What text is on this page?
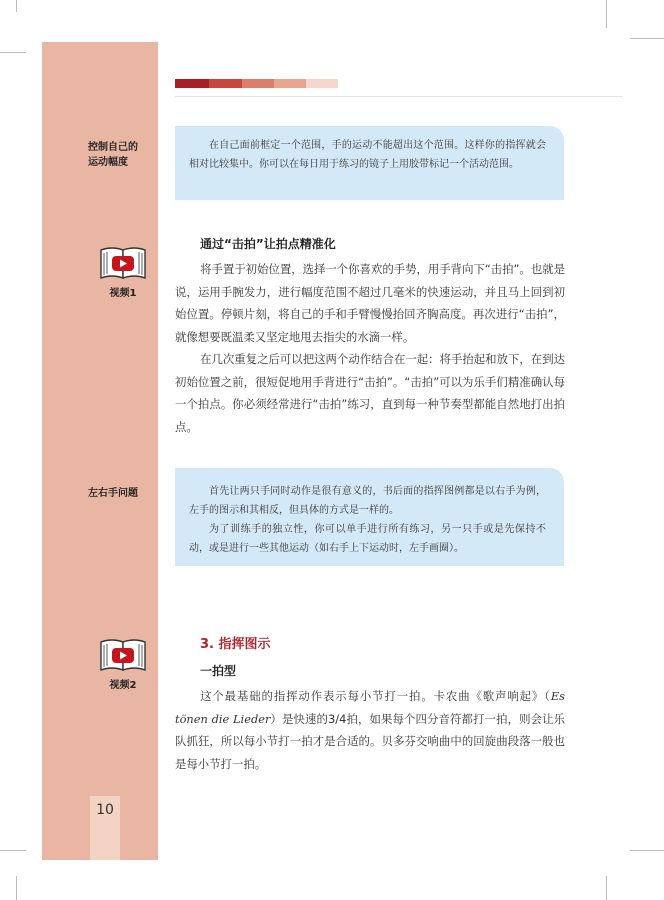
10
控制自己的
运动幅度

在自己面前框定一个范围，手的运动不能超出这个范围。这样你的指挥就会相对比较集中。你可以在每日用于练习的镜子上用胶带标记一个活动范围。

视频1
通过“击拍”让拍点精准化

将手置于初始位置，选择一个你喜欢的手势，用手背向下“击拍”。也就是说，运用手腕发力，进行幅度范围不超过几毫米的快速运动，并且马上回到初始位置。停顿片刻，将自己的手和手臂慢慢抬回齐胸高度。再次进行“击拍”，就像想要既温柔又坚定地甩去指尖的水滴一样。

在几次重复之后可以把这两个动作结合在一起：将手抬起和放下，在到达初始位置之前，很短促地用手背进行“击拍”。“击拍”可以为乐手们精准确认每一个拍点。你必须经常进行“击拍”练习，直到每一种节奏型都能自然地打出拍点。

左右手问题	首先让两只手同时动作是很有意义的，书后面的指挥图例都是以右手为例，左手的图示和其相反，但具体的方式是一样的。

为了训练手的独立性，你可以单手进行所有练习，另一只手或是先保持不动，或是进行一些其他运动（如右手上下运动时，左手画圈）。

视频2
3. 指挥图示
一拍型

这个最基础的指挥动作表示每小节打一拍。卡农曲《歌声响起》（Es tönen die Lieder）是快速的3/4拍，如果每个四分音符都打一拍，则会让乐队抓狂，所以每小节打一拍才是合适的。贝多芬交响曲中的回旋曲段落一般也是每小节打一拍。
